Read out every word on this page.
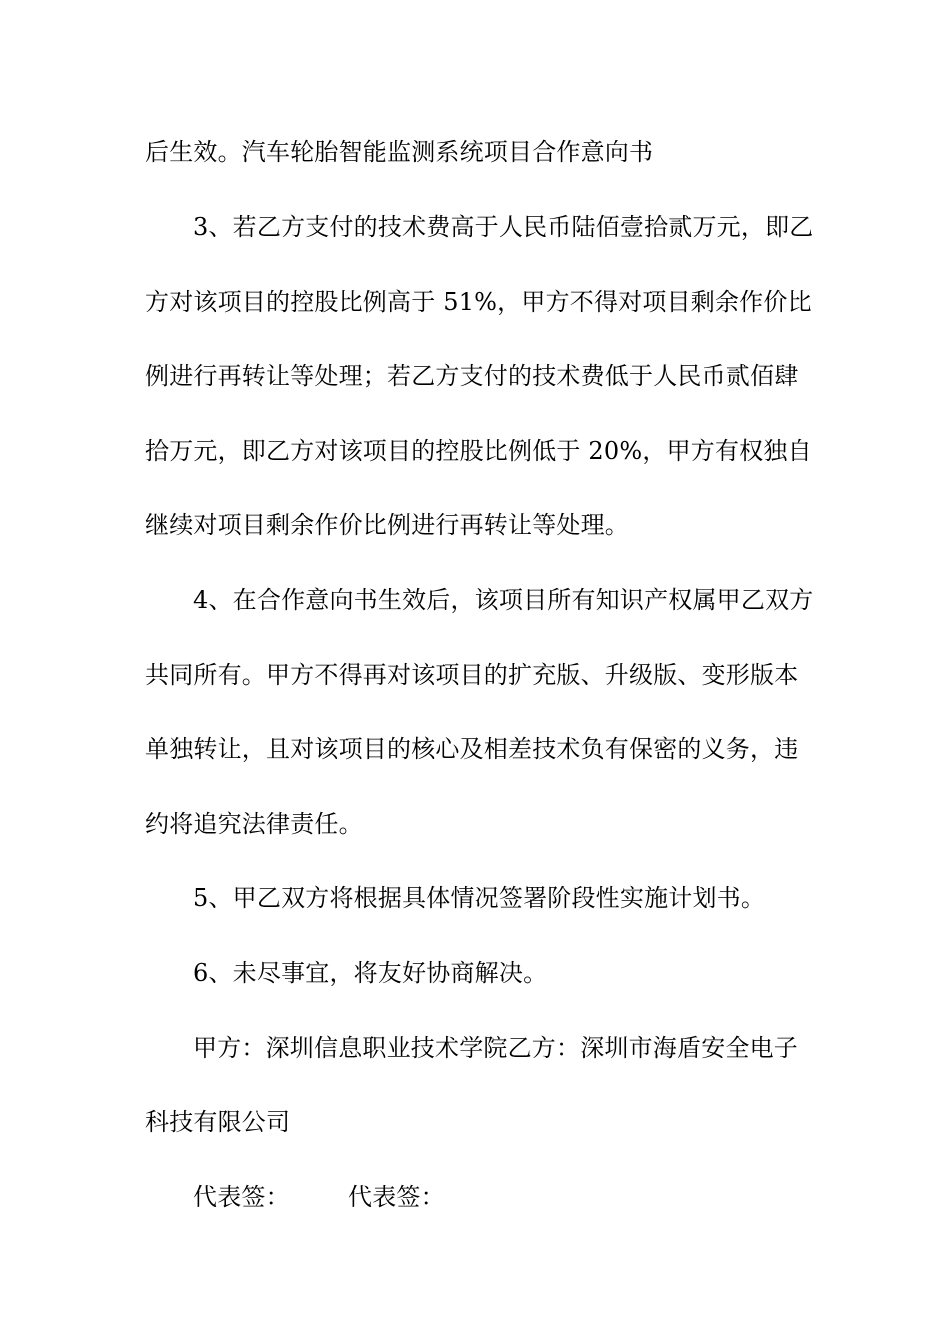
后生效。汽车轮胎智能监测系统项目合作意向书
3、若乙方支付的技术费高于人民币陆佰壹拾贰万元，即乙
方对该项目的控股比例高于 51%，甲方不得对项目剩余作价比
例进行再转让等处理；若乙方支付的技术费低于人民币贰佰肆
拾万元，即乙方对该项目的控股比例低于 20%，甲方有权独自
继续对项目剩余作价比例进行再转让等处理。
4、在合作意向书生效后，该项目所有知识产权属甲乙双方
共同所有。甲方不得再对该项目的扩充版、升级版、变形版本
单独转让，且对该项目的核心及相差技术负有保密的义务，违
约将追究法律责任。
5、甲乙双方将根据具体情况签署阶段性实施计划书。
6、未尽事宜，将友好协商解决。
甲方：深圳信息职业技术学院乙方：深圳市海盾安全电子
科技有限公司
代表签： 代表签：
